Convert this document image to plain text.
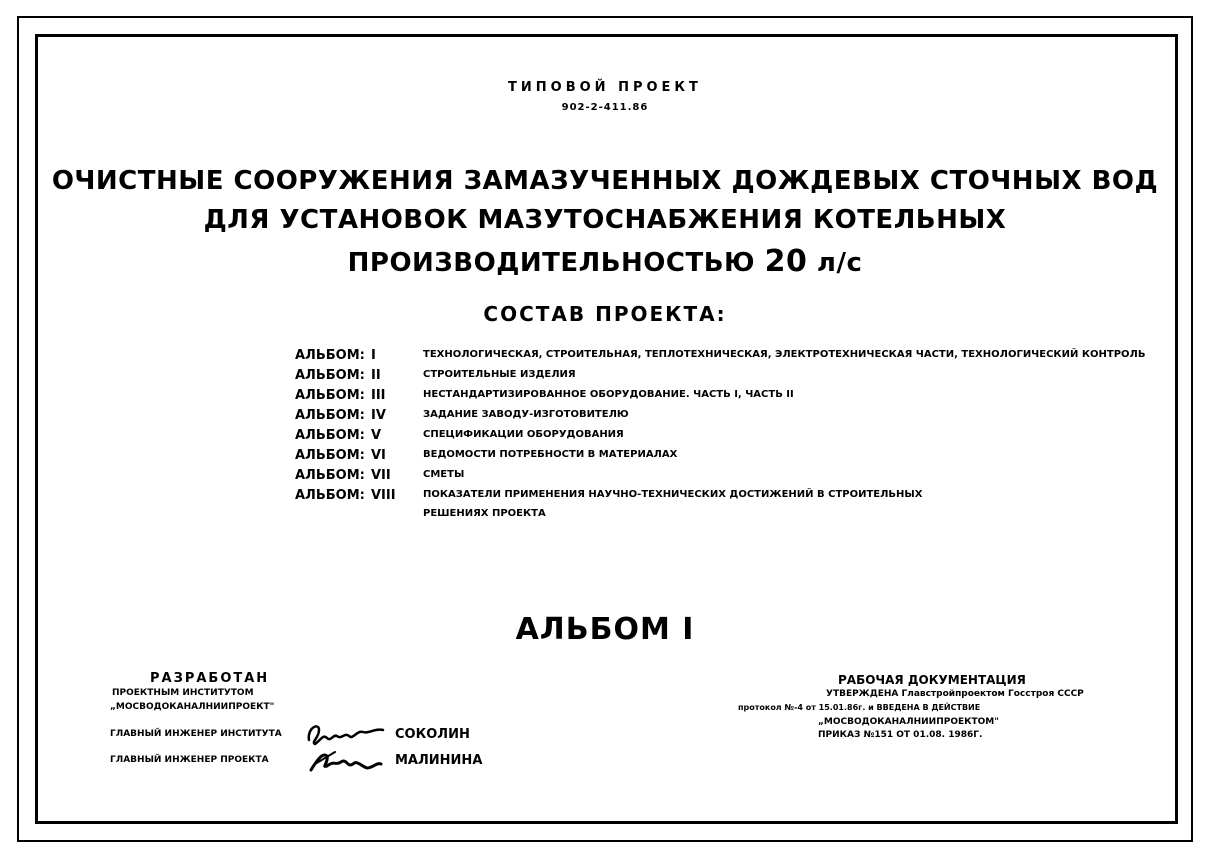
ТИПОВОЙ ПРОЕКТ
902-2-411.86
ОЧИСТНЫЕ СООРУЖЕНИЯ ЗАМАЗУЧЕННЫХ ДОЖДЕВЫХ СТОЧНЫХ ВОД
ДЛЯ УСТАНОВОК МАЗУТОСНАБЖЕНИЯ КОТЕЛЬНЫХ
ПРОИЗВОДИТЕЛЬНОСТЬЮ 20 л/с
СОСТАВ ПРОЕКТА:
АЛЬБОМ: I	ТЕХНОЛОГИЧЕСКАЯ, СТРОИТЕЛЬНАЯ, ТЕПЛОТЕХНИЧЕСКАЯ, ЭЛЕКТРОТЕХНИЧЕСКАЯ ЧАСТИ, ТЕХНОЛОГИЧЕСКИЙ КОНТРОЛЬ
АЛЬБОМ: II	СТРОИТЕЛЬНЫЕ ИЗДЕЛИЯ
АЛЬБОМ: III	НЕСТАНДАРТИЗИРОВАННОЕ ОБОРУДОВАНИЕ. ЧАСТЬ I, ЧАСТЬ II
АЛЬБОМ: IV	ЗАДАНИЕ ЗАВОДУ-ИЗГОТОВИТЕЛЮ
АЛЬБОМ: V	СПЕЦИФИКАЦИИ ОБОРУДОВАНИЯ
АЛЬБОМ: VI	ВЕДОМОСТИ ПОТРЕБНОСТИ В МАТЕРИАЛАХ
АЛЬБОМ: VII	СМЕТЫ
АЛЬБОМ: VIII	ПОКАЗАТЕЛИ ПРИМЕНЕНИЯ НАУЧНО-ТЕХНИЧЕСКИХ ДОСТИЖЕНИЙ В СТРОИТЕЛЬНЫХ
РЕШЕНИЯХ ПРОЕКТА
АЛЬБОМ I
РАЗРАБОТАН
ПРОЕКТНЫМ ИНСТИТУТОМ
„МОСВОДОКАНАЛНИИПРОЕКТ"
ГЛАВНЫЙ ИНЖЕНЕР ИНСТИТУТА	СОКОЛИН
ГЛАВНЫЙ ИНЖЕНЕР ПРОЕКТА	МАЛИНИНА
РАБОЧАЯ ДОКУМЕНТАЦИЯ
УТВЕРЖДЕНА Главстройпроектом Госстроя СССР
протокол №-4 от 15.01.86г. и ВВЕДЕНА В ДЕЙСТВИЕ
„МОСВОДОКАНАЛНИИПРОЕКТОМ"
ПРИКАЗ №151 ОТ 01.08. 1986Г.
